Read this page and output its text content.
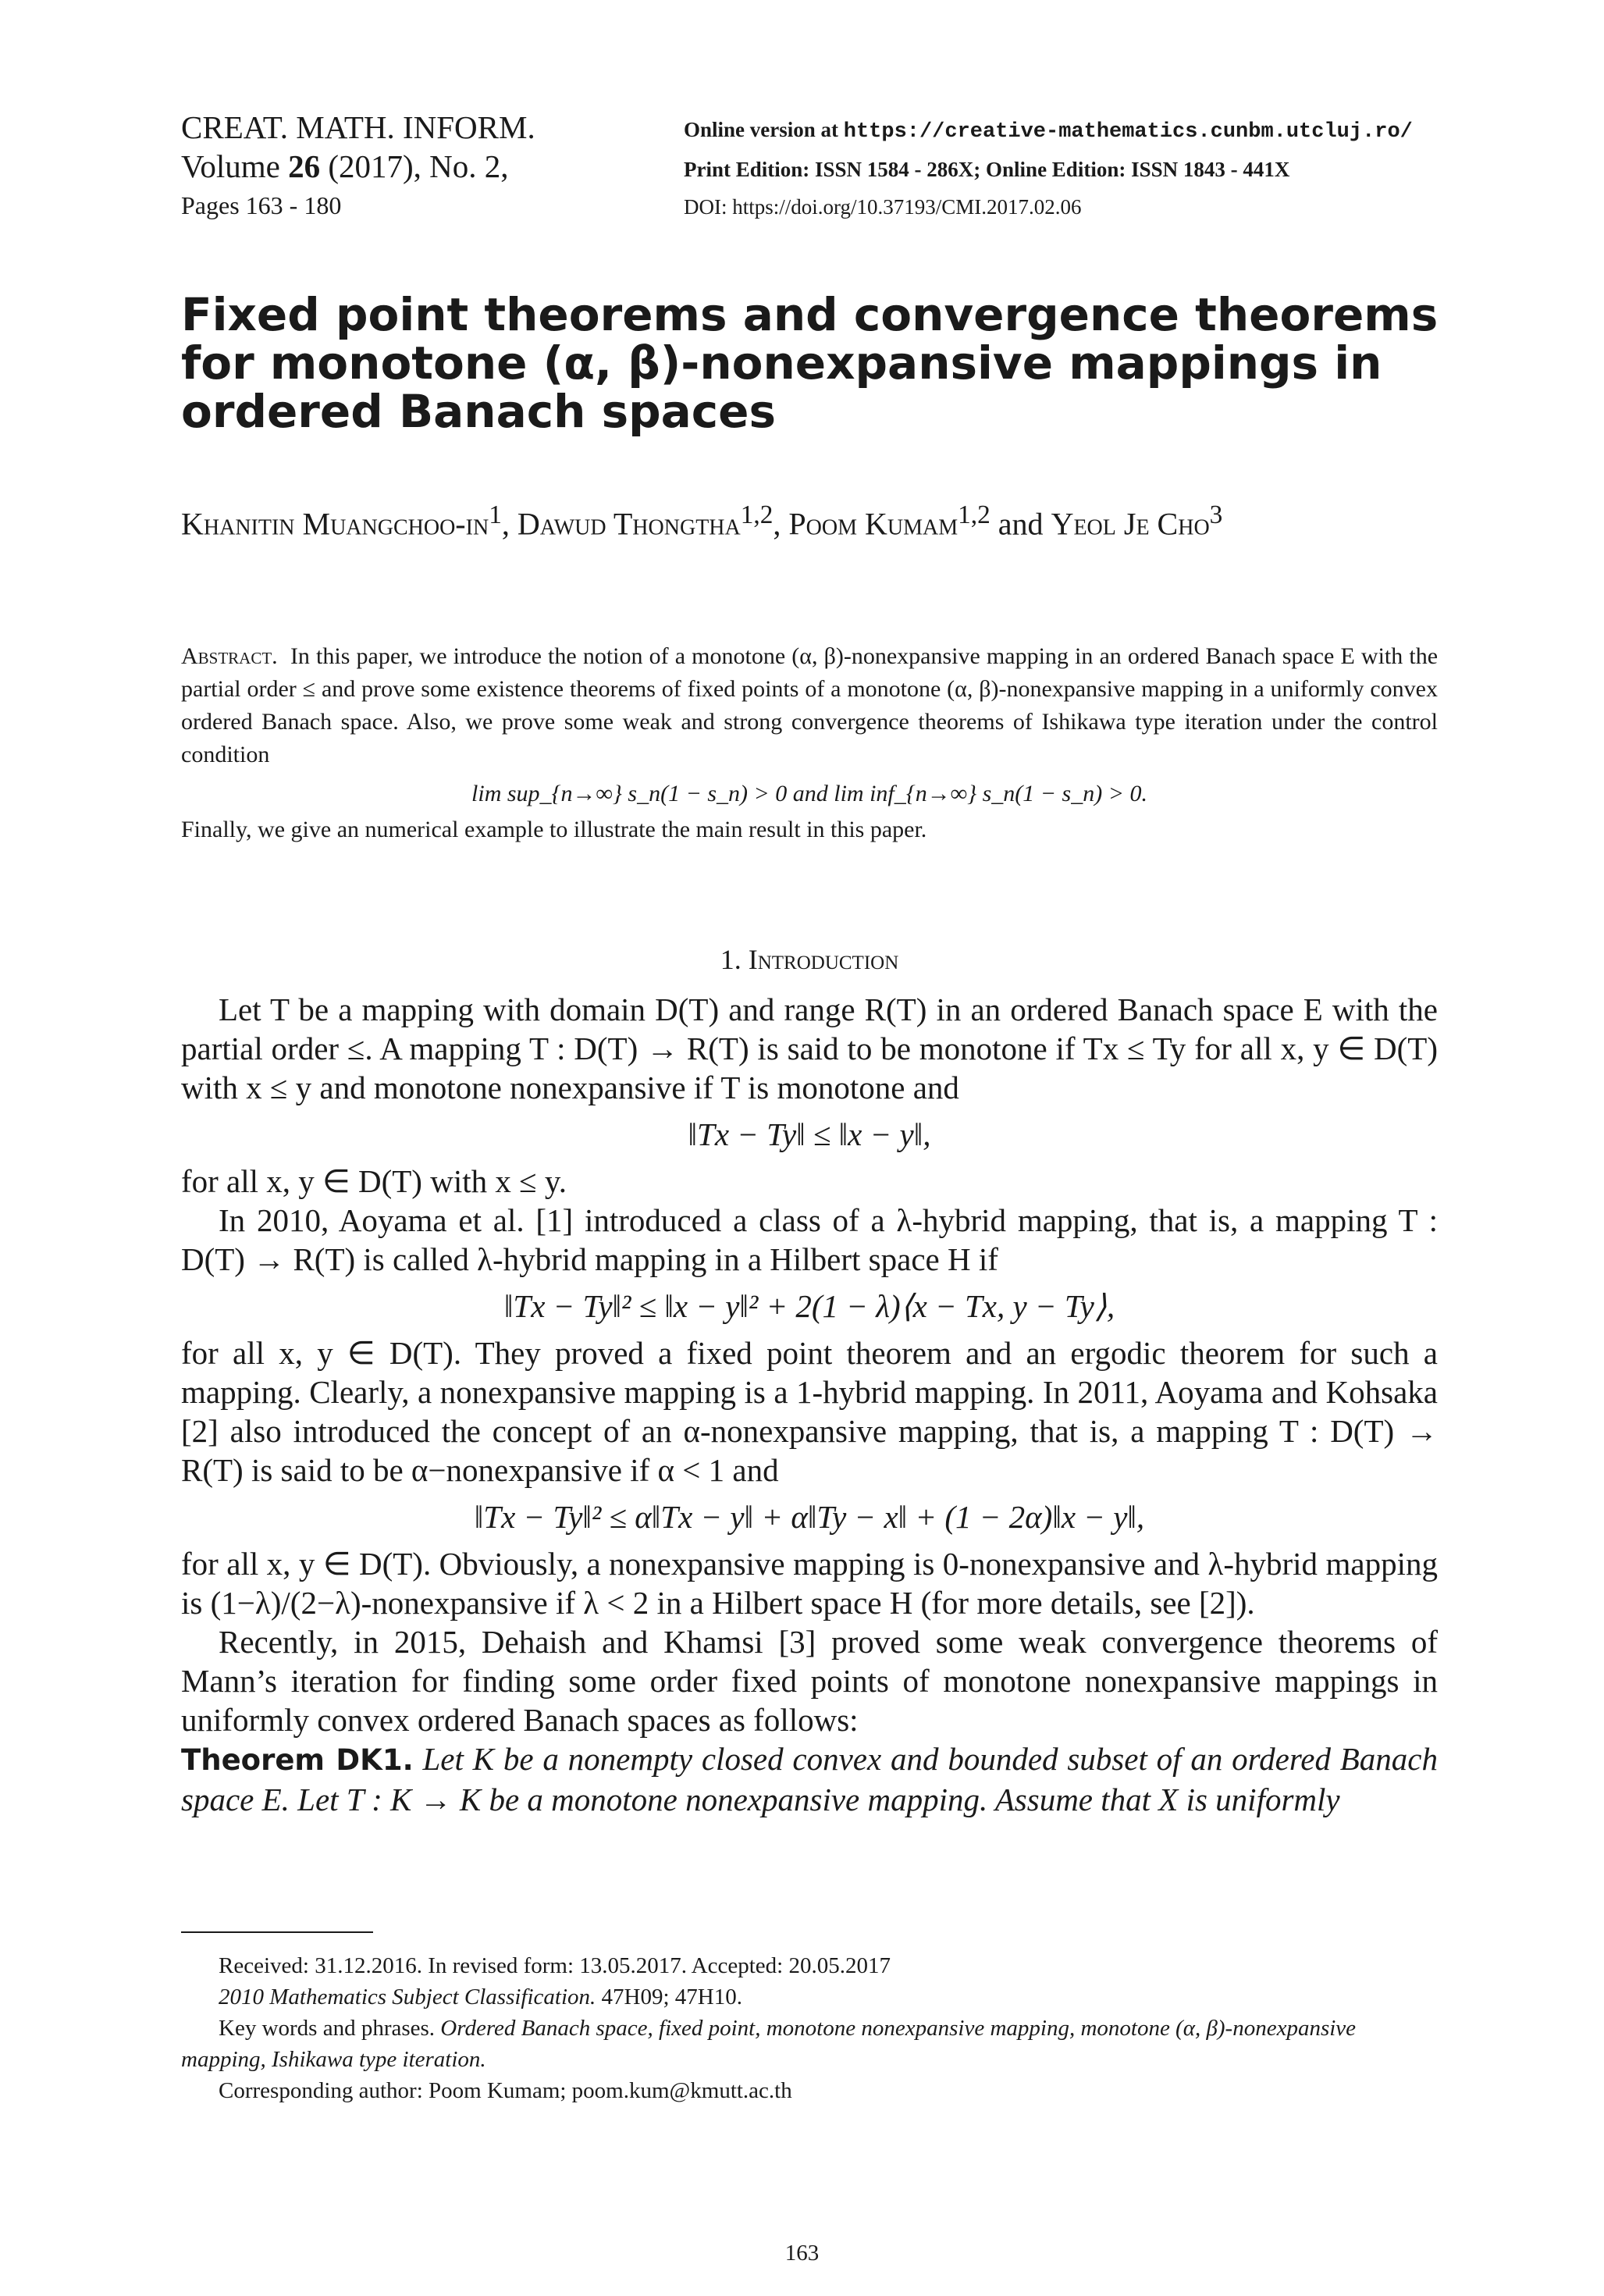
CREAT. MATH. INFORM.
Volume 26 (2017), No. 2,
Pages 163 - 180
Online version at https://creative-mathematics.cunbm.utcluj.ro/
Print Edition: ISSN 1584 - 286X; Online Edition: ISSN 1843 - 441X
DOI: https://doi.org/10.37193/CMI.2017.02.06
Fixed point theorems and convergence theorems for monotone (α, β)-nonexpansive mappings in ordered Banach spaces
Khanitin Muangchoo-$in^1$, Dawud Thongtha$^{1,2}$, Poom Kumam$^{1,2}$ and Yeol Je Cho$^3$
Abstract. In this paper, we introduce the notion of a monotone (α, β)-nonexpansive mapping in an ordered Banach space E with the partial order ≤ and prove some existence theorems of fixed points of a monotone (α, β)-nonexpansive mapping in a uniformly convex ordered Banach space. Also, we prove some weak and strong convergence theorems of Ishikawa type iteration under the control condition
lim sup_{n→∞} s_n(1 − s_n) > 0 and lim inf_{n→∞} s_n(1 − s_n) > 0.
Finally, we give an numerical example to illustrate the main result in this paper.
1. Introduction

Let T be a mapping with domain D(T) and range R(T) in an ordered Banach space E with the partial order ≤. A mapping T : D(T) → R(T) is said to be monotone if Tx ≤ Ty for all x, y ∈ D(T) with x ≤ y and monotone nonexpansive if T is monotone and

‖Tx − Ty‖ ≤ ‖x − y‖,

for all x, y ∈ D(T) with x ≤ y.

In 2010, Aoyama et al. [1] introduced a class of a λ-hybrid mapping, that is, a mapping T : D(T) → R(T) is called λ-hybrid mapping in a Hilbert space H if

‖Tx − Ty‖² ≤ ‖x − y‖² + 2(1 − λ)⟨x − Tx, y − Ty⟩,

for all x, y ∈ D(T). They proved a fixed point theorem and an ergodic theorem for such a mapping. Clearly, a nonexpansive mapping is a 1-hybrid mapping. In 2011, Aoyama and Kohsaka [2] also introduced the concept of an α-nonexpansive mapping, that is, a mapping T : D(T) → R(T) is said to be α−nonexpansive if α < 1 and

‖Tx − Ty‖² ≤ α‖Tx − y‖ + α‖Ty − x‖ + (1 − 2α)‖x − y‖,

for all x, y ∈ D(T). Obviously, a nonexpansive mapping is 0-nonexpansive and λ-hybrid mapping is (1−λ)/(2−λ)-nonexpansive if λ < 2 in a Hilbert space H (for more details, see [2]).

Recently, in 2015, Dehaish and Khamsi [3] proved some weak convergence theorems of Mann’s iteration for finding some order fixed points of monotone nonexpansive mappings in uniformly convex ordered Banach spaces as follows:

Theorem DK1. Let K be a nonempty closed convex and bounded subset of an ordered Banach space E. Let T : K → K be a monotone nonexpansive mapping. Assume that X is uniformly

Received: 31.12.2016. In revised form: 13.05.2017. Accepted: 20.05.2017
2010 Mathematics Subject Classification. 47H09; 47H10.
Key words and phrases. Ordered Banach space, fixed point, monotone nonexpansive mapping, monotone (α, β)-nonexpansive mapping, Ishikawa type iteration.
Corresponding author: Poom Kumam; poom.kum@kmutt.ac.th
163
